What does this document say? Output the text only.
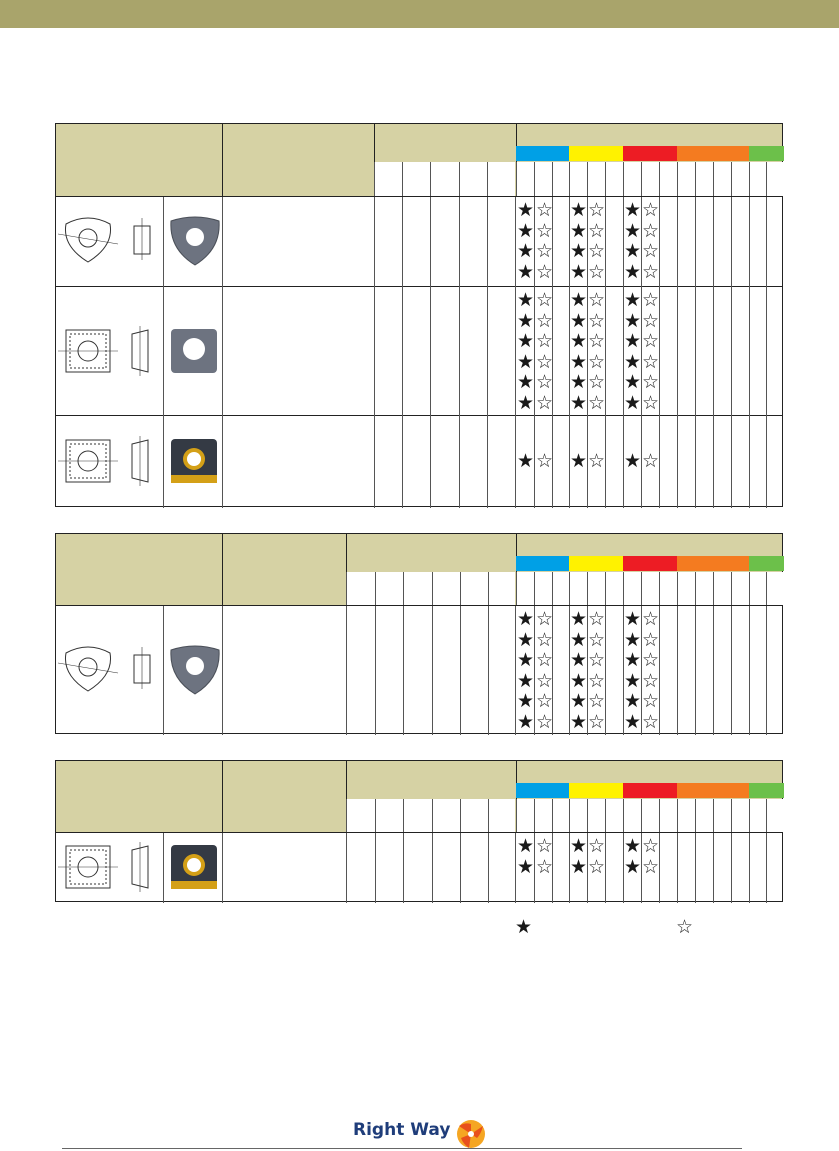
★ ☆ ★ ☆ ★ ☆
★ ☆ ★ ☆ ★ ☆
★ ☆ ★ ☆ ★ ☆
★ ☆ ★ ☆ ★ ☆
★ ☆ ★ ☆ ★ ☆
★ ☆ ★ ☆ ★ ☆
★ ☆ ★ ☆ ★ ☆
★ ☆ ★ ☆ ★ ☆
★ ☆ ★ ☆ ★ ☆
★ ☆ ★ ☆ ★ ☆
★ ☆ ★ ☆ ★ ☆
★ ☆ ★ ☆ ★ ☆
★ ☆ ★ ☆ ★ ☆
★ ☆ ★ ☆ ★ ☆
★ ☆ ★ ☆ ★ ☆
★ ☆ ★ ☆ ★ ☆
★ ☆ ★ ☆ ★ ☆
★ ☆ ★ ☆ ★ ☆
★ ☆ ★ ☆ ★ ☆
★	☆
Right Way
